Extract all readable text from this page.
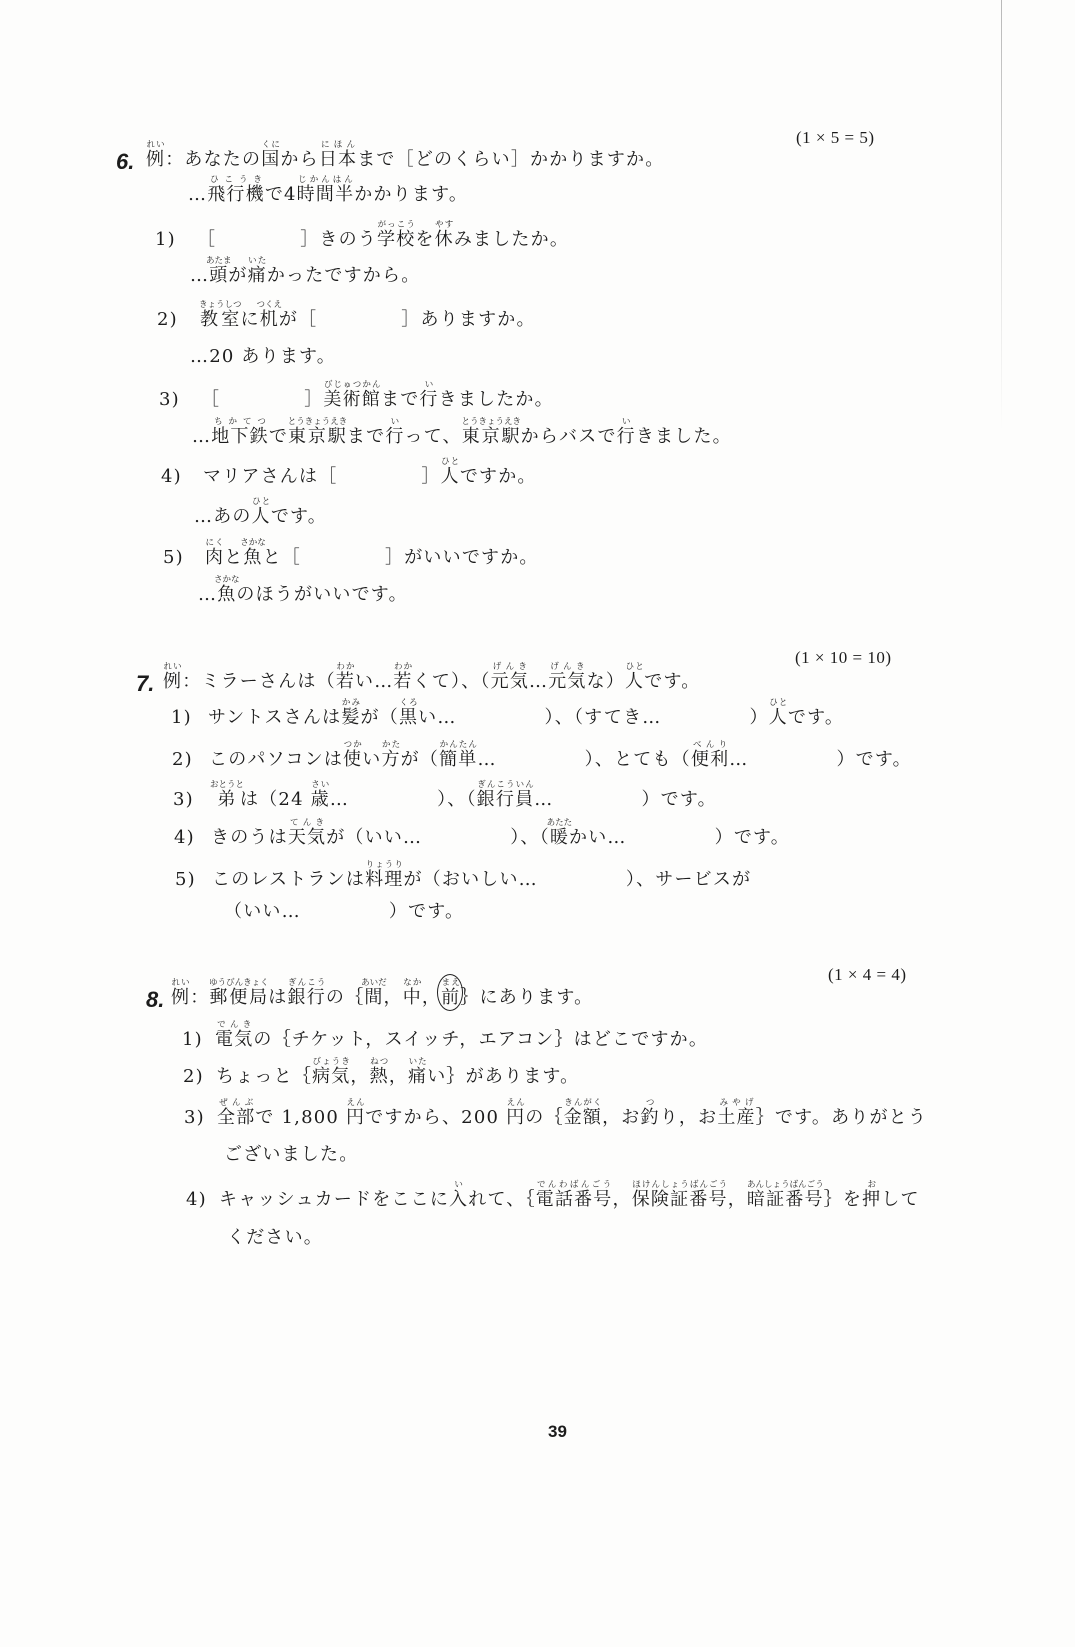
6.
(1 × 5 = 5)
例れい：あなたの国くにから日本にほんまで［どのくらい］かかりますか。
…飛行機ひこうきで4時間半じかんはんかかります。
1) ［	］きのう学校がっこうを休やすみましたか。
…頭あたまが痛いたかったですから。
2) 教室きょうしつに机つくえが［	］ありますか。
…20 あります。
3) ［	］美術館びじゅつかんまで行いきましたか。
…地下鉄ちかてつで東京駅とうきょうえきまで行いって、東京駅とうきょうえきからバスで行いきました。
4) マリアさんは［	］人ひとですか。
…あの人ひとです。
5) 肉にくと魚さかなと［	］がいいですか。
…魚さかなのほうがいいです。
7.
(1 × 10 = 10)
例れい：ミラーさんは（若わかい…若わかくて）、（元気げんき…元気げんきな）人ひとです。
1) サントスさんは髪かみが（黒くろい…	）、（すてき…	）人ひとです。
2) このパソコンは使つかい方かたが（簡単かんたん…	）、とても（便利べんり…	）です。
3) 弟おとうとは（24 歳さい…	）、（銀行員ぎんこういん…	）です。
4) きのうは天気てんきが（いい…	）、（暖あたたかい…	）です。
5) このレストランは料理りょうりが（おいしい…	）、サービスが
（いい…	）です。
8.
(1 × 4 = 4)
例れい：郵便局ゆうびんきょくは銀行ぎんこうの｛間あいだ，中なか，前まえ｝にあります。
1) 電気でんきの｛チケット，スイッチ，エアコン｝はどこですか。
2) ちょっと｛病気びょうき，熱ねつ，痛いたい｝があります。
3) 全部ぜんぶで 1,800 円えんですから、200 円えんの｛金額きんがく，お釣つり，お土産みやげ｝です。ありがとう
ございました。
4) キャッシュカードをここに入いれて、｛電話番号でんわばんごう，保険証番号ほけんしょうばんごう，暗証番号あんしょうばんごう｝を押おして
ください。
39
